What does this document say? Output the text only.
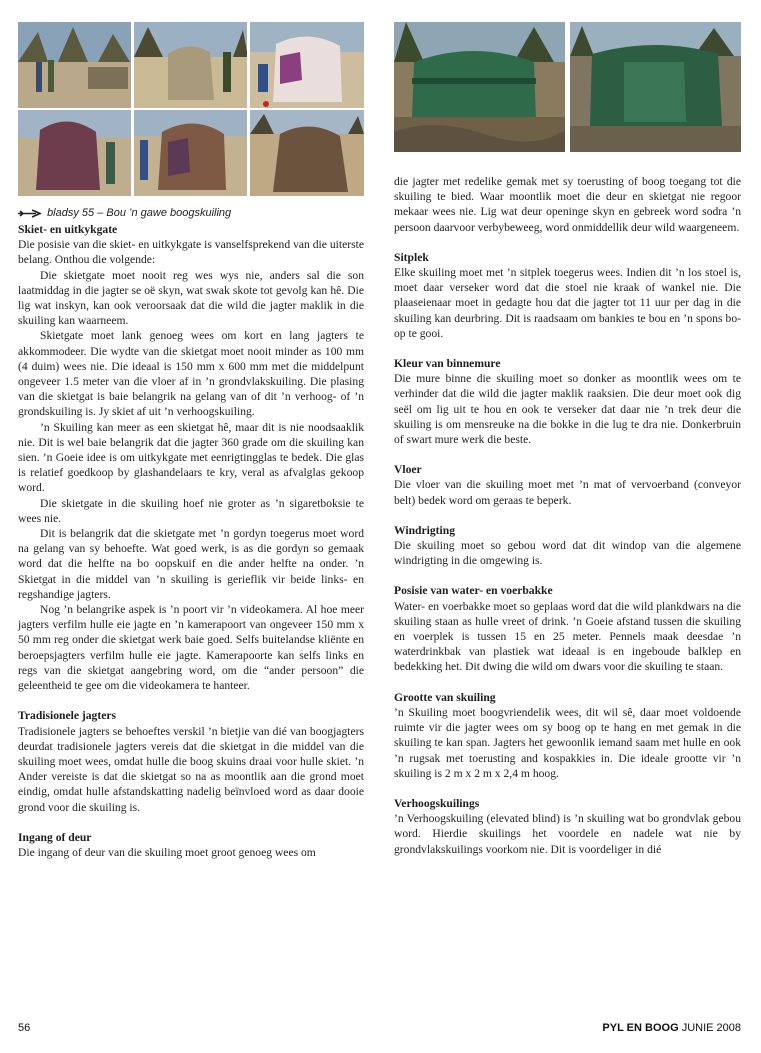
bladsy 55 – Bou ’n gawe boogskuiling

Skiet- en uitkykgate

Die posisie van die skiet- en uitkykgate is vanselfsprekend van die uiterste belang. Onthou die volgende:

Die skietgate moet nooit reg wes wys nie, anders sal die son laatmiddag in die jagter se oë skyn, wat swak skote tot gevolg kan hê. Die lig wat inskyn, kan ook veroorsaak dat die wild die jagter maklik in die skuiling kan waarneem.

Skietgate moet lank genoeg wees om kort en lang jagters te akkommodeer. Die wydte van die skietgat moet nooit minder as 100 mm (4 duim) wees nie. Die ideaal is 150 mm x 600 mm met die middelpunt ongeveer 1.5 meter van die vloer af in ’n grondvlakskuiling. Die plasing van die skietgat is baie belangrik na gelang van of dit ’n verhoog- of ’n grondskuiling is. Jy skiet af uit ’n verhoogskuiling.

’n Skuiling kan meer as een skietgat hê, maar dit is nie noodsaaklik nie. Dit is wel baie belangrik dat die jagter 360 grade om die skuiling kan sien. ’n Goeie idee is om uitkykgate met eenrigtingglas te bedek. Die glas is relatief goedkoop by glashandelaars te kry, veral as afvalglas gekoop word.

Die skietgate in die skuiling hoef nie groter as ’n sigaretboksie te wees nie.

Dit is belangrik dat die skietgate met ’n gordyn toegerus moet word na gelang van sy behoefte. Wat goed werk, is as die gordyn so gemaak word dat die helfte na bo oopskuif en die ander helfte na onder. ’n Skietgat in die middel van ’n skuiling is gerieflik vir beide links- en regshandige jagters.

Nog ’n belangrike aspek is ’n poort vir ’n videokamera. Al hoe meer jagters verfilm hulle eie jagte en ’n kamerapoort van ongeveer 150 mm x 50 mm reg onder die skietgat werk baie goed. Selfs buitelandse kliënte en beroepsjagters verfilm hulle eie jagte. Kamerapoorte kan selfs links en regs van die skietgat aangebring word, om die “ander persoon” die geleentheid te gee om die videokamera te hanteer.

Tradisionele jagters

Tradisionele jagters se behoeftes verskil ’n bietjie van dié van boogjagters deurdat tradisionele jagters vereis dat die skietgat in die middel van die skuiling moet wees, omdat hulle die boog skuins draai voor hulle skiet. ’n Ander vereiste is dat die skietgat so na as moontlik aan die grond moet eindig, omdat hulle afstandskatting nadelig beïnvloed word as daar dooie grond voor die skuiling is.

Ingang of deur

Die ingang of deur van die skuiling moet groot genoeg wees om

die jagter met redelike gemak met sy toerusting of boog toegang tot die skuiling te bied. Waar moontlik moet die deur en skietgat nie regoor mekaar wees nie. Lig wat deur openinge skyn en gebreek word sodra ’n persoon daarvoor verbybeweeg, word onmiddellik deur wild waargeneem.

Sitplek

Elke skuiling moet met ’n sitplek toegerus wees. Indien dit ’n los stoel is, moet daar verseker word dat die stoel nie kraak of wankel nie. Die plaaseienaar moet in gedagte hou dat die jagter tot 11 uur per dag in die skuiling kan deurbring. Dit is raadsaam om bankies te bou en ’n spons bo-op te gooi.

Kleur van binnemure

Die mure binne die skuiling moet so donker as moontlik wees om te verhinder dat die wild die jagter maklik raaksien. Die deur moet ook dig seël om lig uit te hou en ook te verseker dat daar nie ’n trek deur die skuiling is om mensreuke na die bokke in die lug te dra nie. Donkerbruin of swart mure werk die beste.

Vloer

Die vloer van die skuiling moet met ’n mat of vervoerband (conveyor belt) bedek word om geraas te beperk.

Windrigting

Die skuiling moet so gebou word dat dit windop van die algemene windrigting in die omgewing is.

Posisie van water- en voerbakke

Water- en voerbakke moet so geplaas word dat die wild plankdwars na die skuiling staan as hulle vreet of drink. ’n Goeie afstand tussen die skuiling en voerplek is tussen 15 en 25 meter. Pennels maak deesdae ’n waterdrinkbak van plastiek wat ideaal is en ingeboude balklep en bedekking het. Dit dwing die wild om dwars voor die skuiling te staan.

Grootte van skuiling

’n Skuiling moet boogvriendelik wees, dit wil sê, daar moet voldoende ruimte vir die jagter wees om sy boog op te hang en met gemak in die skuiling te kan span. Jagters het gewoonlik iemand saam met hulle en ook ’n rugsak met toerusting and kospakkies in. Die ideale grootte vir ’n skuiling is 2 m x 2 m x 2,4 m hoog.

Verhoogskuilings

’n Verhoogskuiling (elevated blind) is ’n skuiling wat bo grondvlak gebou word. Hierdie skuilings het voordele en nadele wat nie by grondvlakskuilings voorkom nie. Dit is voordeliger in dié

56	PYL EN BOOG JUNIE 2008
